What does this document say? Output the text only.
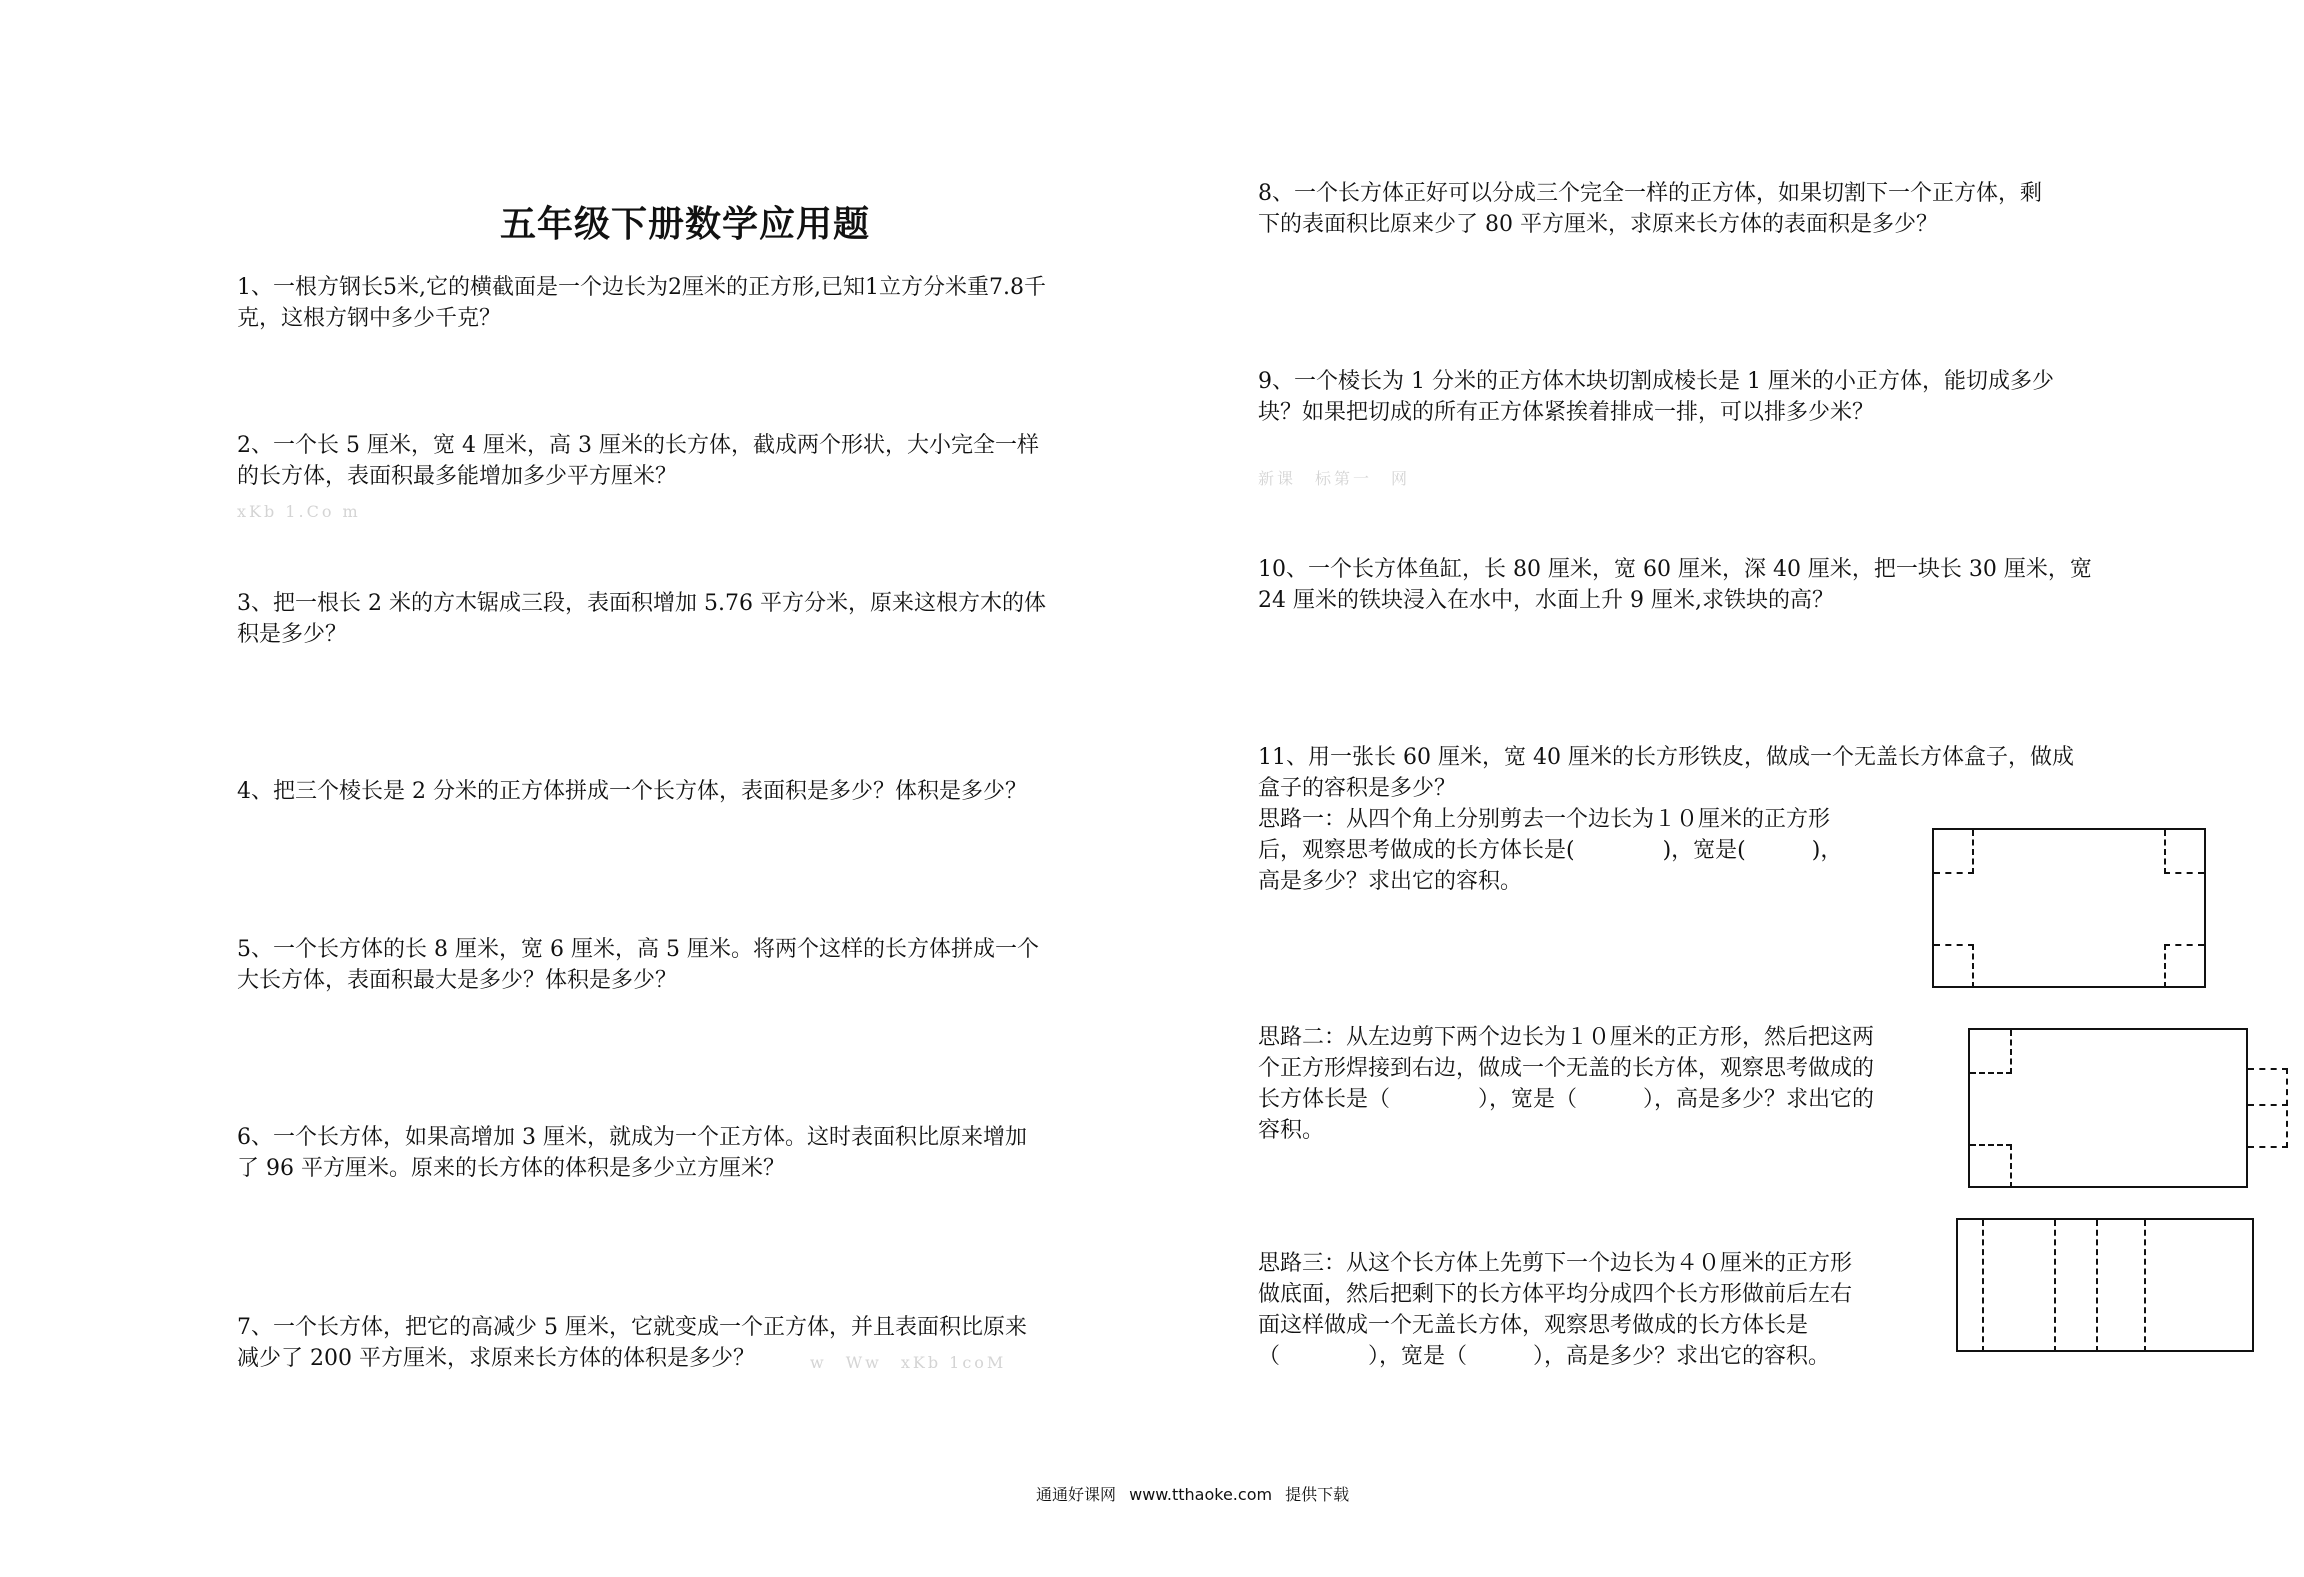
五年级下册数学应用题
1、一根方钢长5米,它的横截面是一个边长为2厘米的正方形,已知1立方分米重7.8千
克，这根方钢中多少千克？
2、一个长 5 厘米，宽 4 厘米，高 3 厘米的长方体，截成两个形状，大小完全一样
的长方体，表面积最多能增加多少平方厘米？
xKb 1.Co m
3、把一根长 2 米的方木锯成三段，表面积增加 5.76 平方分米，原来这根方木的体
积是多少？
4、把三个棱长是 2 分米的正方体拼成一个长方体，表面积是多少？体积是多少？
5、一个长方体的长 8 厘米，宽 6 厘米，高 5 厘米。将两个这样的长方体拼成一个
大长方体，表面积最大是多少？体积是多少？
6、一个长方体，如果高增加 3 厘米，就成为一个正方体。这时表面积比原来增加
了 96 平方厘米。原来的长方体的体积是多少立方厘米？
7、一个长方体，把它的高减少 5 厘米，它就变成一个正方体，并且表面积比原来
减少了 200 平方厘米，求原来长方体的体积是多少？	w　Ww　xKb 1coM
8、一个长方体正好可以分成三个完全一样的正方体，如果切割下一个正方体，剩
下的表面积比原来少了 80 平方厘米，求原来长方体的表面积是多少？
9、一个棱长为 1 分米的正方体木块切割成棱长是 1 厘米的小正方体，能切成多少
块？如果把切成的所有正方体紧挨着排成一排，可以排多少米？
新课　标第一　网
10、一个长方体鱼缸，长 80 厘米，宽 60 厘米，深 40 厘米，把一块长 30 厘米，宽
24 厘米的铁块浸入在水中，水面上升 9 厘米,求铁块的高？
11、用一张长 60 厘米，宽 40 厘米的长方形铁皮，做成一个无盖长方体盒子，做成
盒子的容积是多少？
思路一：从四个角上分别剪去一个边长为１０厘米的正方形
后，观察思考做成的长方体长是(　　　　)，宽是(　　　)，
高是多少？求出它的容积。
思路二：从左边剪下两个边长为１０厘米的正方形，然后把这两
个正方形焊接到右边，做成一个无盖的长方体，观察思考做成的
长方体长是（　　　　），宽是（　　　），高是多少？求出它的
容积。
思路三：从这个长方体上先剪下一个边长为４０厘米的正方形
做底面，然后把剩下的长方体平均分成四个长方形做前后左右
面这样做成一个无盖长方体，观察思考做成的长方体长是
（　　　　），宽是（　　　），高是多少？求出它的容积。
通通好课网 www.tthaoke.com 提供下载
